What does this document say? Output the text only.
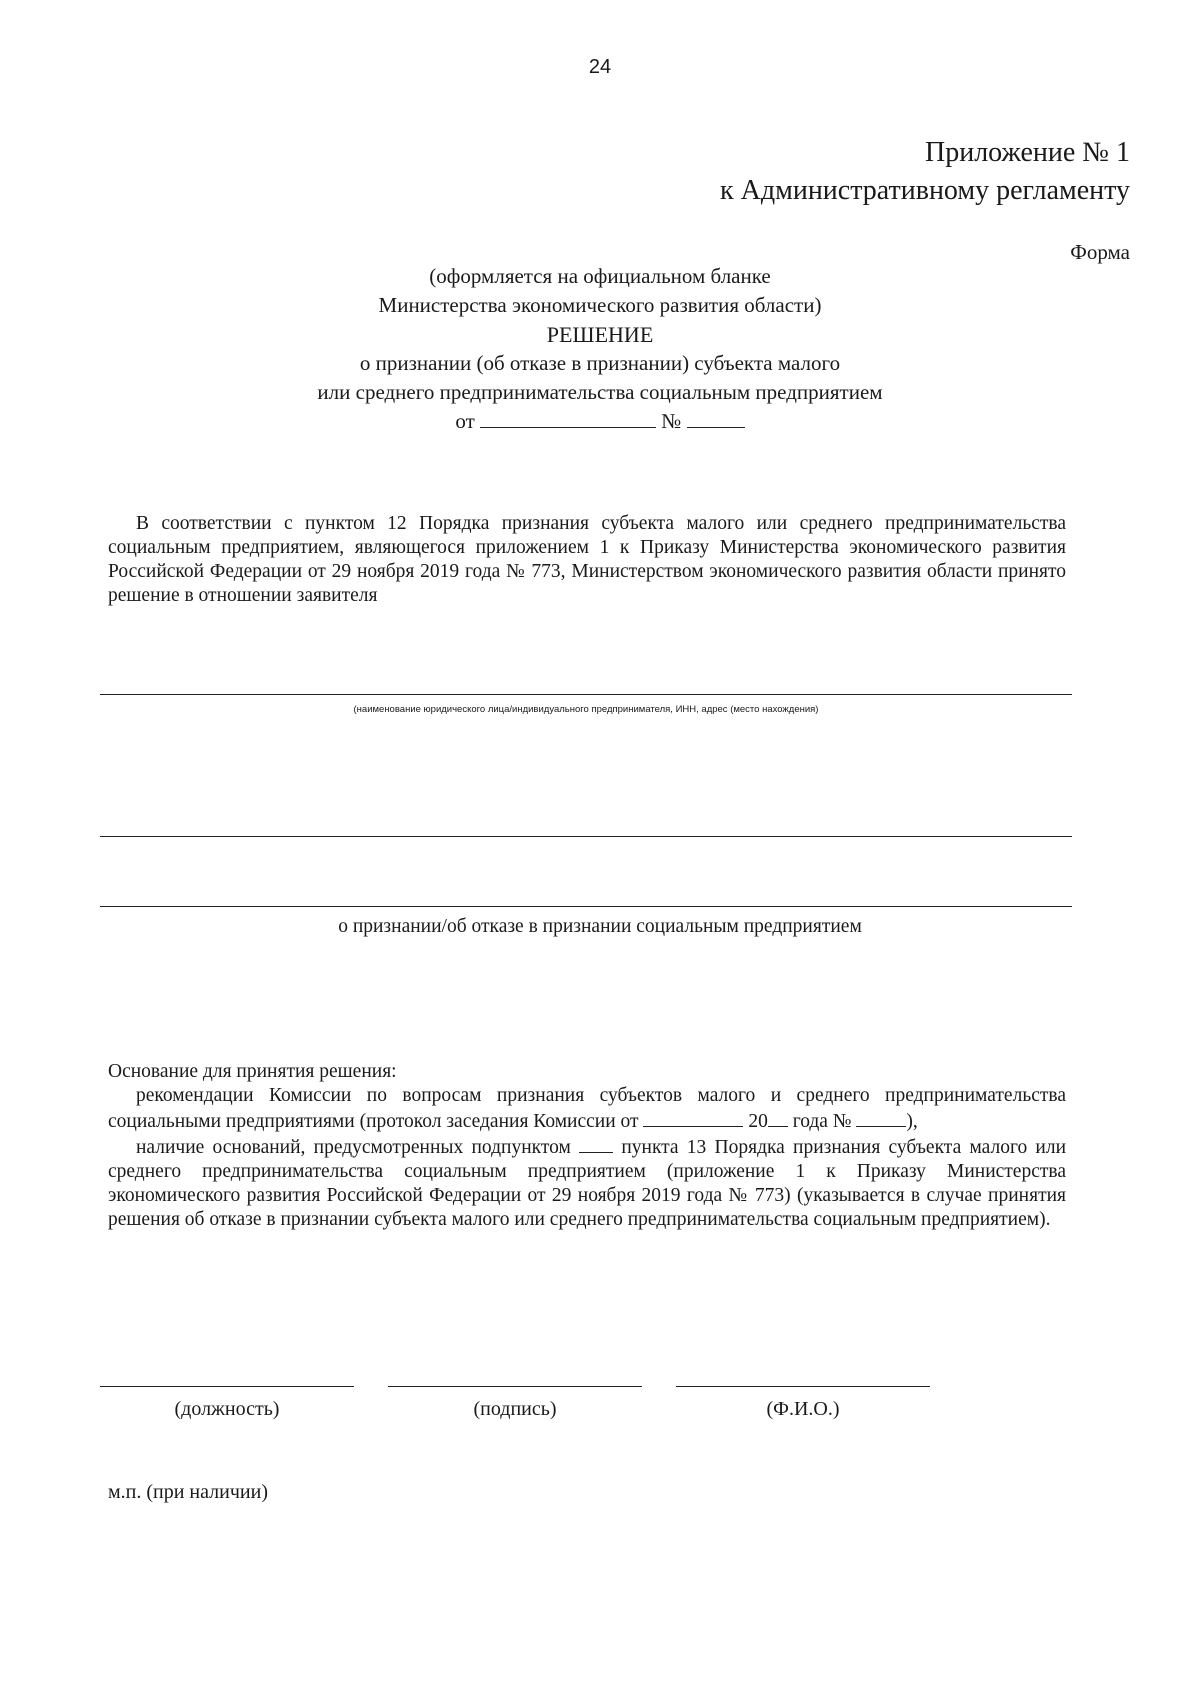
24
Приложение № 1
к Административному регламенту
Форма
(оформляется на официальном бланке
Министерства экономического развития области)
РЕШЕНИЕ
о признании (об отказе в признании) субъекта малого
или среднего предпринимательства социальным предприятием
от	№

В соответствии с пунктом 12 Порядка признания субъекта малого или среднего предпринимательства социальным предприятием, являющегося приложением 1 к Приказу Министерства экономического развития Российской Федерации от 29 ноября 2019 года № 773, Министерством экономического развития области принято решение в отношении заявителя

(наименование юридического лица/индивидуального предпринимателя, ИНН, адрес (место нахождения)
о признании/об отказе в признании социальным предприятием

Основание для принятия решения:

рекомендации Комиссии по вопросам признания субъектов малого и среднего предпринимательства социальными предприятиями (протокол заседания Комиссии от	20 года №	),

наличие оснований, предусмотренных подпунктом	пункта 13 Порядка признания субъекта малого или среднего предпринимательства социальным предприятием (приложение 1 к Приказу Министерства экономического развития Российской Федерации от 29 ноября 2019 года № 773) (указывается в случае принятия решения об отказе в признании субъекта малого или среднего предпринимательства социальным предприятием).

(должность)	(подпись)	(Ф.И.О.)
м.п. (при наличии)
